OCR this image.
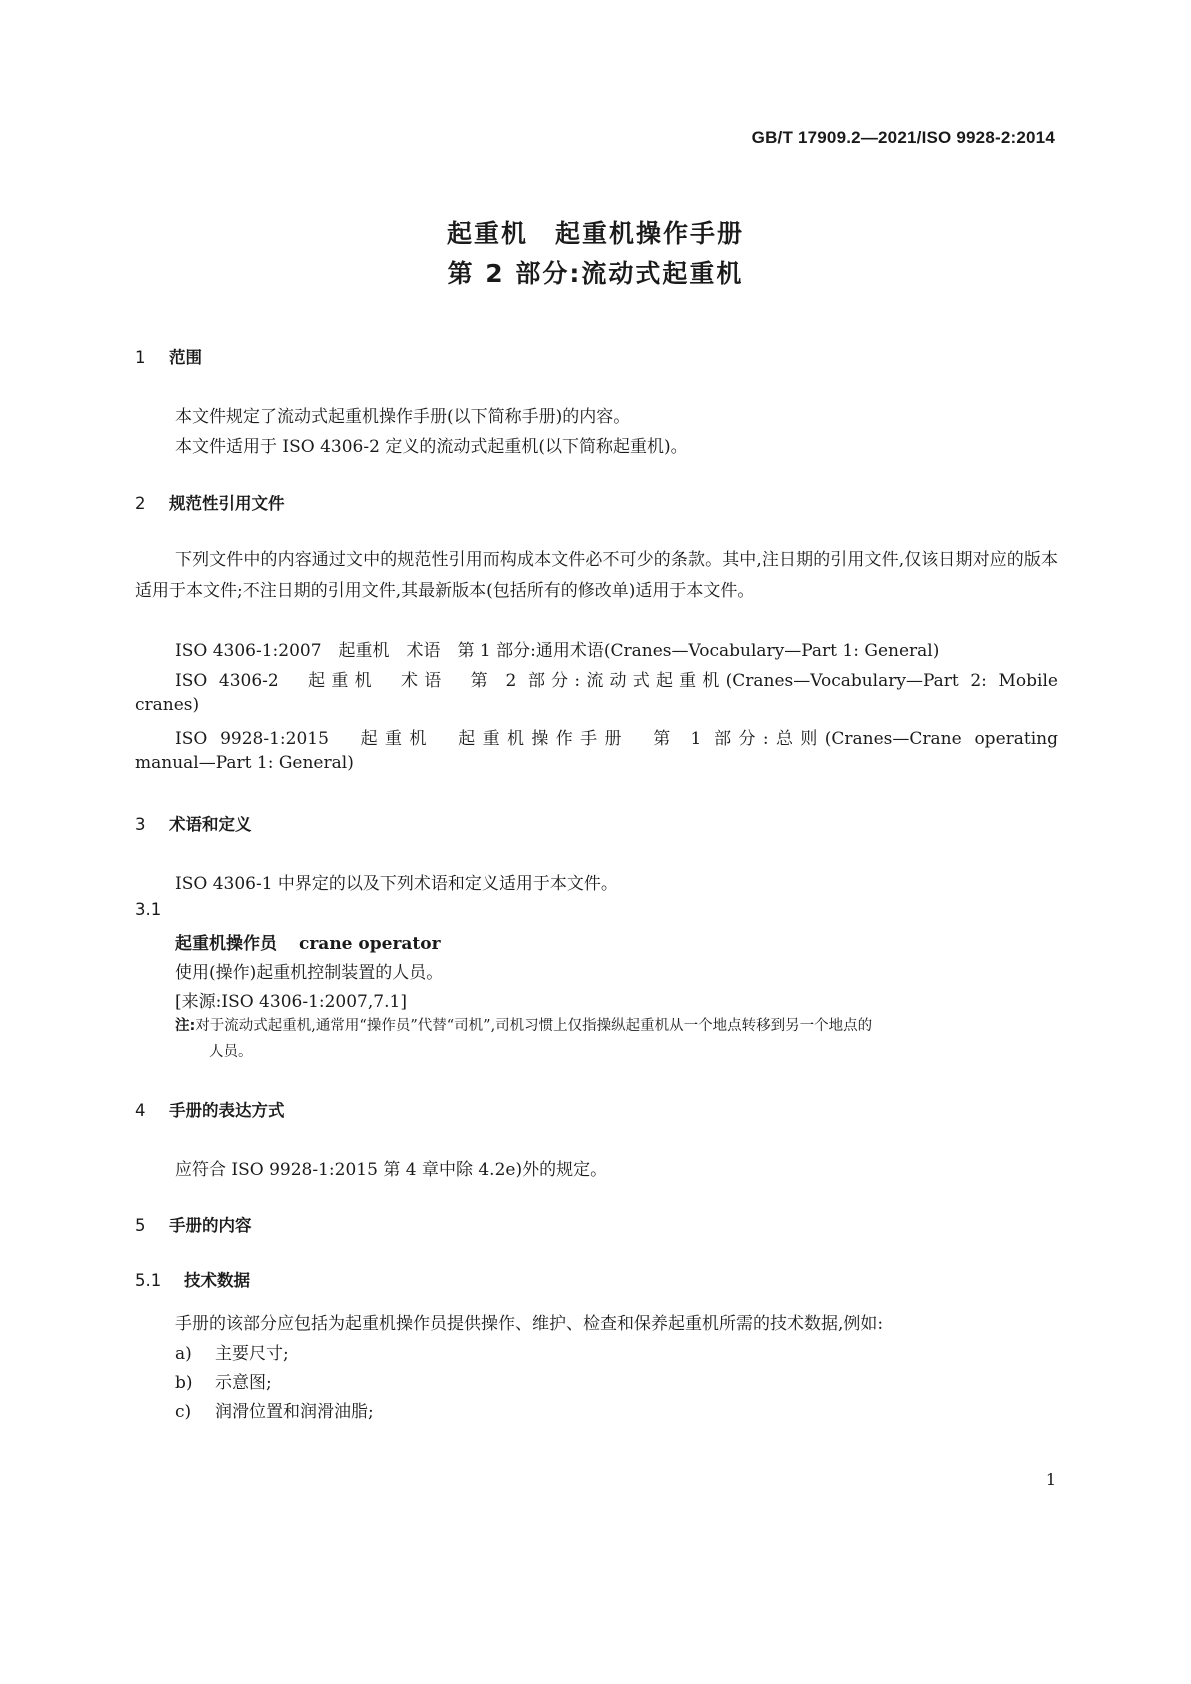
GB/T 17909.2—2021/ISO 9928-2:2014
起重机　起重机操作手册
第 2 部分:流动式起重机
1 范围
本文件规定了流动式起重机操作手册(以下简称手册)的内容。
本文件适用于 ISO 4306-2 定义的流动式起重机(以下简称起重机)。
2 规范性引用文件
下列文件中的内容通过文中的规范性引用而构成本文件必不可少的条款。其中,注日期的引用文件,仅该日期对应的版本适用于本文件;不注日期的引用文件,其最新版本(包括所有的修改单)适用于本文件。
ISO 4306-1:2007　起重机　术语　第 1 部分:通用术语(Cranes—Vocabulary—Part 1: General)
ISO 4306-2　起重机　术语　第 2 部分:流动式起重机(Cranes—Vocabulary—Part 2: Mobile
cranes)
ISO 9928-1:2015　起重机　起重机操作手册　第 1 部分:总则(Cranes—Crane operating
manual—Part 1: General)
3 术语和定义
ISO 4306-1 中界定的以及下列术语和定义适用于本文件。
3.1
起重机操作员 crane operator
使用(操作)起重机控制装置的人员。
[来源:ISO 4306-1:2007,7.1]
注:对于流动式起重机,通常用“操作员”代替“司机”,司机习惯上仅指操纵起重机从一个地点转移到另一个地点的
人员。
4 手册的表达方式
应符合 ISO 9928-1:2015 第 4 章中除 4.2e)外的规定。
5 手册的内容
5.1 技术数据
手册的该部分应包括为起重机操作员提供操作、维护、检查和保养起重机所需的技术数据,例如:
a) 主要尺寸;
b) 示意图;
c) 润滑位置和润滑油脂;
1
